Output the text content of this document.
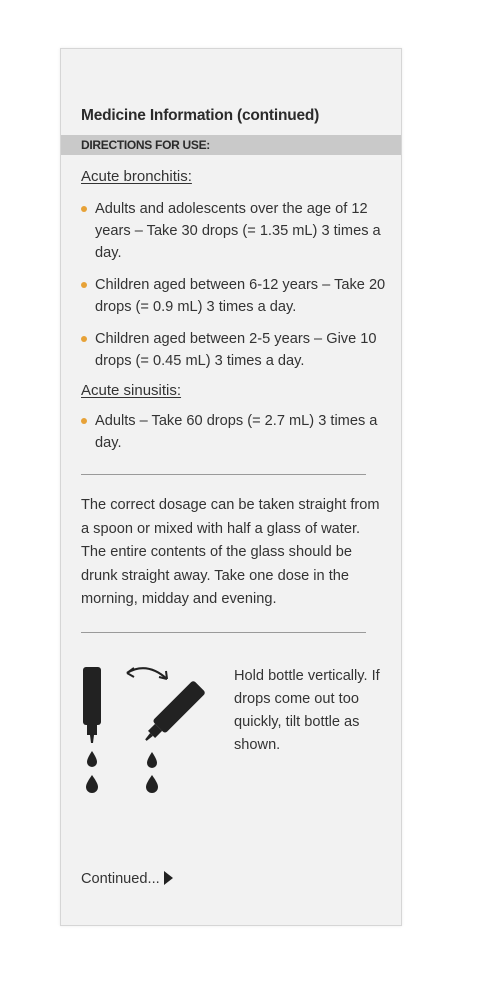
Medicine Information (continued)
DIRECTIONS FOR USE:
Acute bronchitis:
Adults and adolescents over the age of 12 years – Take 30 drops (= 1.35 mL) 3 times a day.
Children aged between 6-12 years – Take 20 drops (= 0.9 mL) 3 times a day.
Children aged between 2-5 years – Give 10 drops (= 0.45 mL) 3 times a day.
Acute sinusitis:
Adults – Take 60 drops (= 2.7 mL) 3 times a day.
The correct dosage can be taken straight from a spoon or mixed with half a glass of water. The entire contents of the glass should be drunk straight away. Take one dose in the morning, midday and evening.
Hold bottle vertically. If drops come out too quickly, tilt bottle as shown.
Continued...
